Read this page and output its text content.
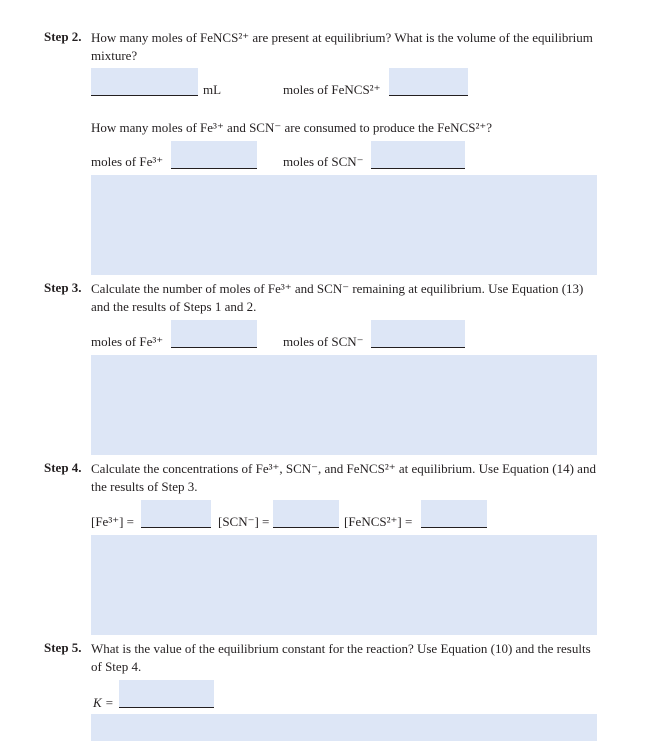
Step 2. How many moles of FeNCS²⁺ are present at equilibrium? What is the volume of the equilibrium mixture?
mL	moles of FeNCS²⁺
How many moles of Fe³⁺ and SCN⁻ are consumed to produce the FeNCS²⁺?
moles of Fe³⁺	moles of SCN⁻
Step 3. Calculate the number of moles of Fe³⁺ and SCN⁻ remaining at equilibrium. Use Equation (13) and the results of Steps 1 and 2.
moles of Fe³⁺	moles of SCN⁻
Step 4. Calculate the concentrations of Fe³⁺, SCN⁻, and FeNCS²⁺ at equilibrium. Use Equation (14) and the results of Step 3.
[Fe³⁺] =	[SCN⁻] =	[FeNCS²⁺] =
Step 5. What is the value of the equilibrium constant for the reaction? Use Equation (10) and the results of Step 4.
K =
